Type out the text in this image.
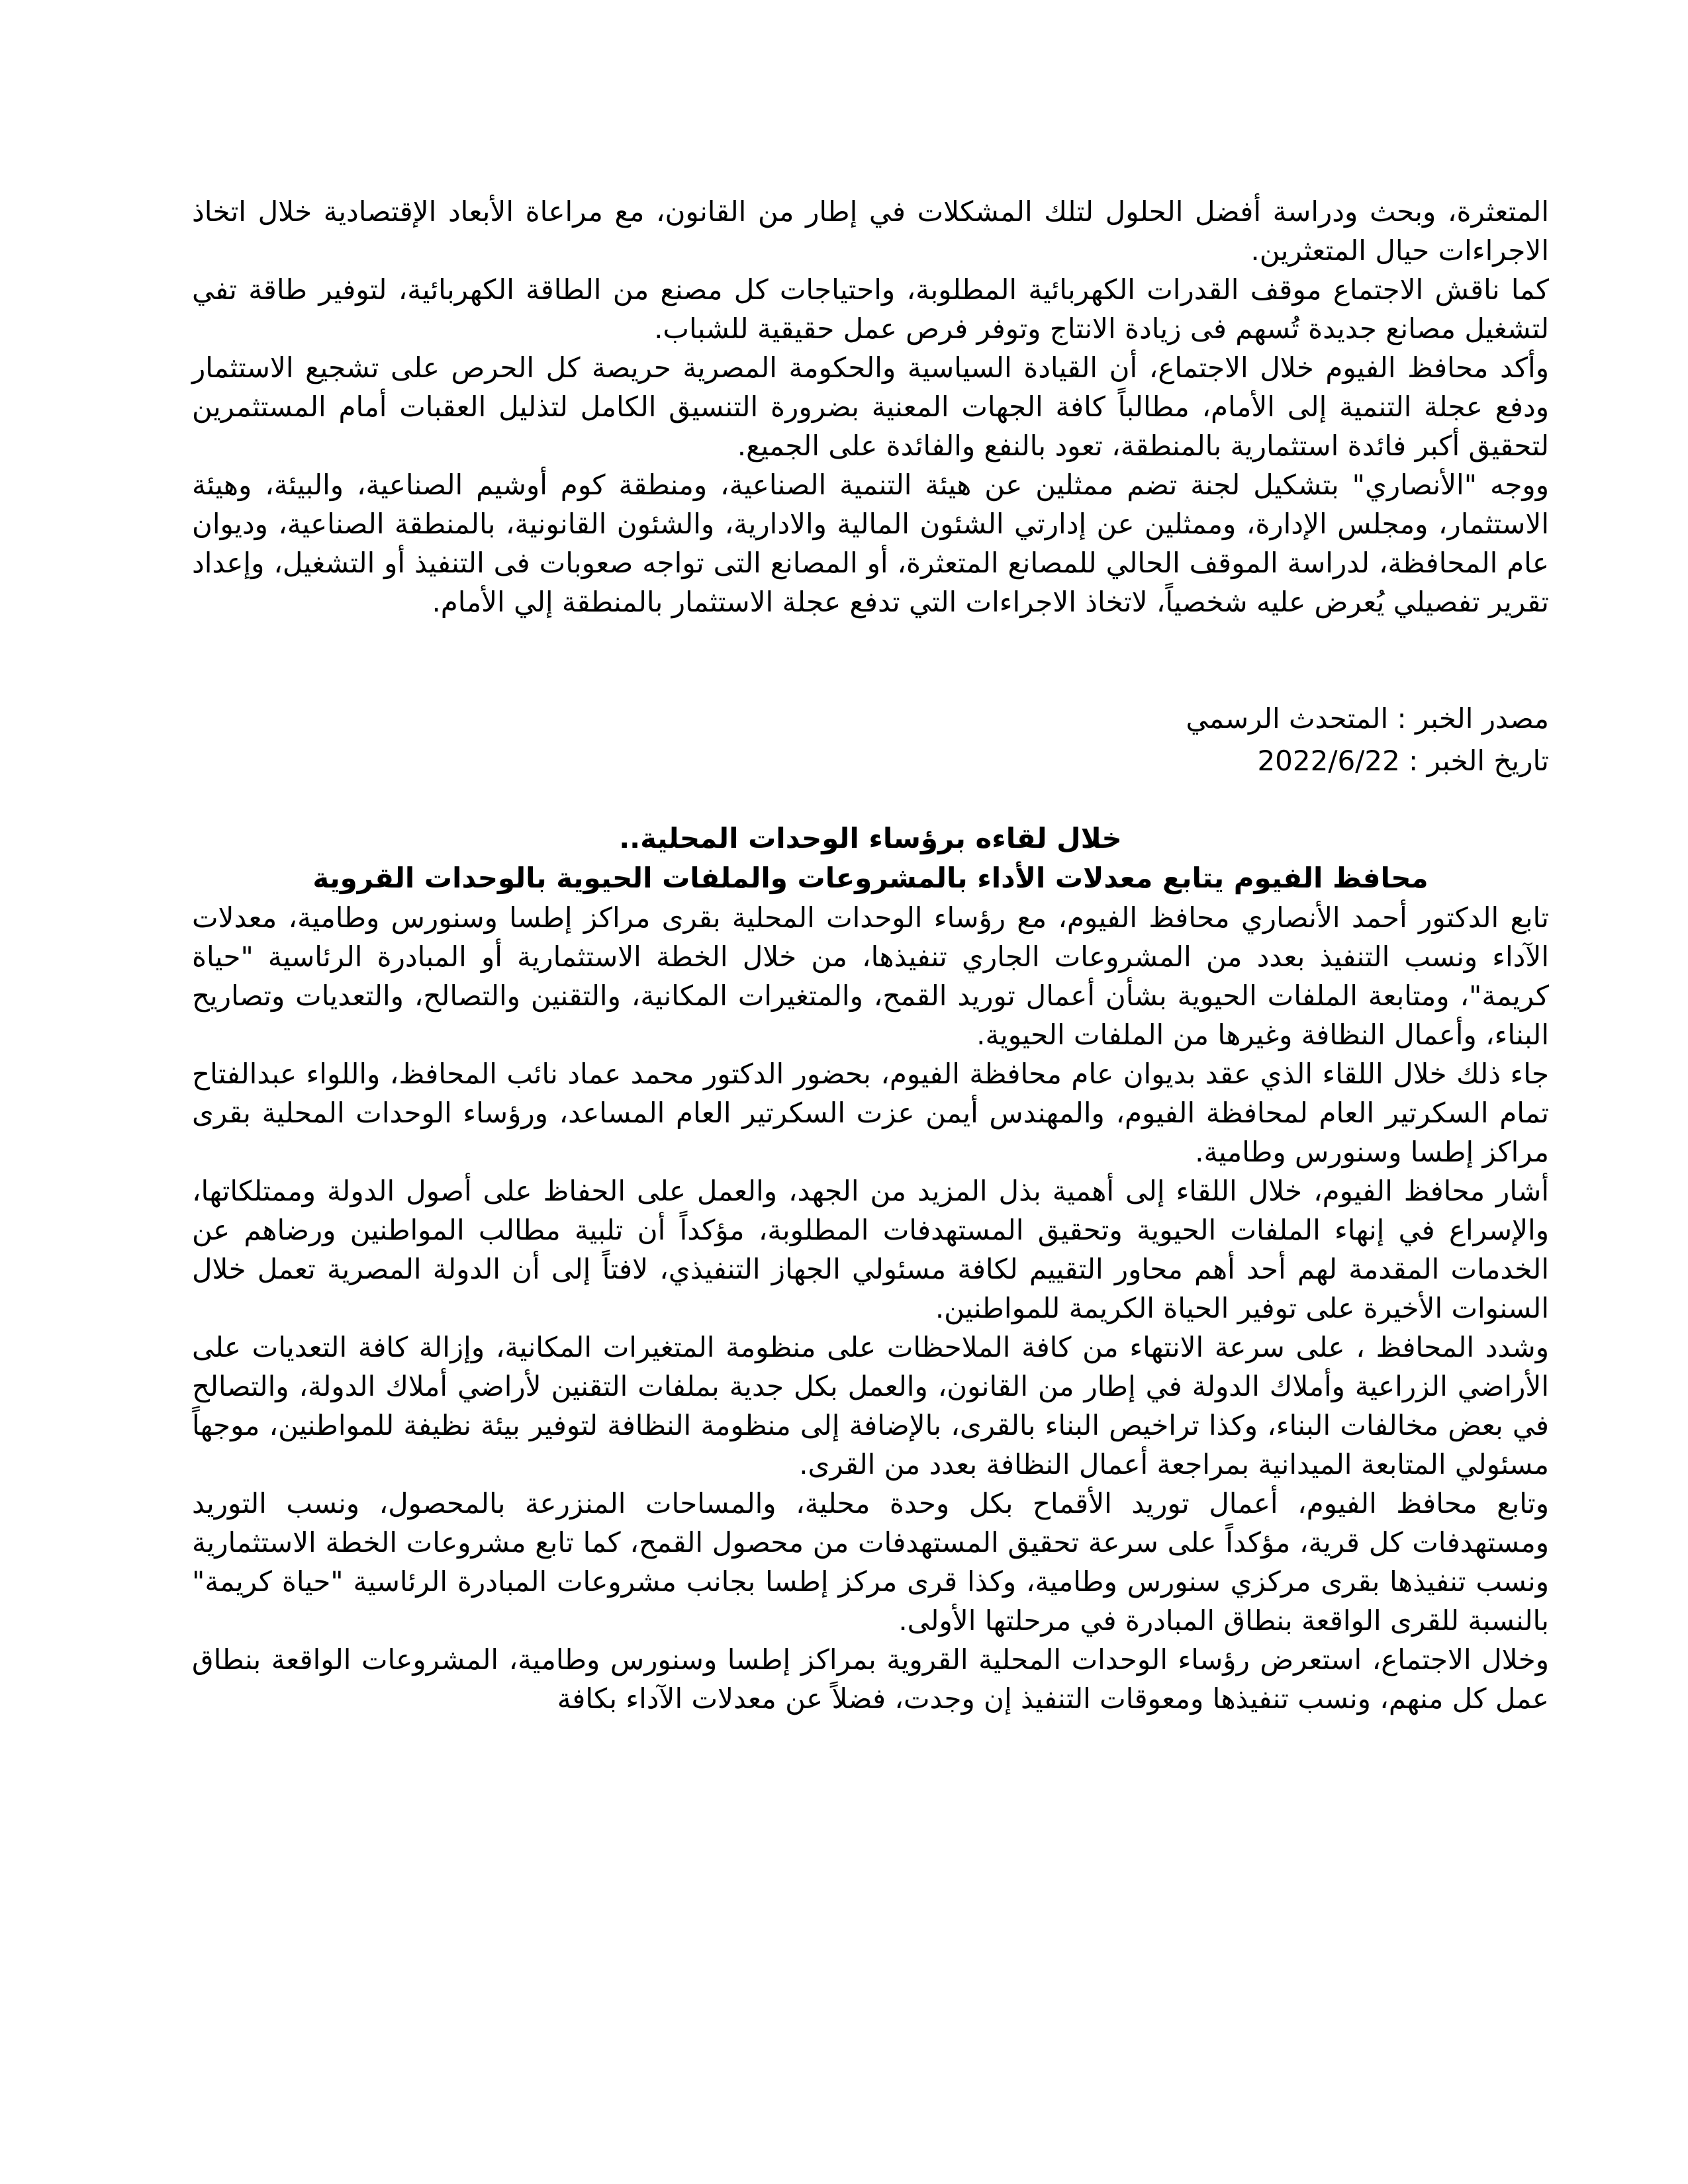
المتعثرة، وبحث ودراسة أفضل الحلول لتلك المشكلات في إطار من القانون، مع مراعاة الأبعاد الإقتصادية خلال اتخاذ الاجراءات حيال المتعثرين.

كما ناقش الاجتماع موقف القدرات الكهربائية المطلوبة، واحتياجات كل مصنع من الطاقة الكهربائية، لتوفير طاقة تفي لتشغيل مصانع جديدة تُسهم فى زيادة الانتاج وتوفر فرص عمل حقيقية للشباب.

وأكد محافظ الفيوم خلال الاجتماع، أن القيادة السياسية والحكومة المصرية حريصة كل الحرص على تشجيع الاستثمار ودفع عجلة التنمية إلى الأمام، مطالباً كافة الجهات المعنية بضرورة التنسيق الكامل لتذليل العقبات أمام المستثمرين لتحقيق أكبر فائدة استثمارية بالمنطقة، تعود بالنفع والفائدة على الجميع.

ووجه "الأنصاري" بتشكيل لجنة تضم ممثلين عن هيئة التنمية الصناعية، ومنطقة كوم أوشيم الصناعية، والبيئة، وهيئة الاستثمار، ومجلس الإدارة، وممثلين عن إدارتي الشئون المالية والادارية، والشئون القانونية، بالمنطقة الصناعية، وديوان عام المحافظة، لدراسة الموقف الحالي للمصانع المتعثرة، أو المصانع التى تواجه صعوبات فى التنفيذ أو التشغيل، وإعداد تقرير تفصيلي يُعرض عليه شخصياً، لاتخاذ الاجراءات التي تدفع عجلة الاستثمار بالمنطقة إلي الأمام.

مصدر الخبر : المتحدث الرسمي

تاريخ الخبر : 2022/6/22

خلال لقاءه برؤساء الوحدات المحلية..

محافظ الفيوم يتابع معدلات الأداء بالمشروعات والملفات الحيوية بالوحدات القروية

تابع الدكتور أحمد الأنصاري محافظ الفيوم، مع رؤساء الوحدات المحلية بقرى مراكز إطسا وسنورس وطامية، معدلات الآداء ونسب التنفيذ بعدد من المشروعات الجاري تنفيذها، من خلال الخطة الاستثمارية أو المبادرة الرئاسية "حياة كريمة"، ومتابعة الملفات الحيوية بشأن أعمال توريد القمح، والمتغيرات المكانية، والتقنين والتصالح، والتعديات وتصاريح البناء، وأعمال النظافة وغيرها من الملفات الحيوية.

جاء ذلك خلال اللقاء الذي عقد بديوان عام محافظة الفيوم، بحضور الدكتور محمد عماد نائب المحافظ، واللواء عبدالفتاح تمام السكرتير العام لمحافظة الفيوم، والمهندس أيمن عزت السكرتير العام المساعد، ورؤساء الوحدات المحلية بقرى مراكز إطسا وسنورس وطامية.

أشار محافظ الفيوم، خلال اللقاء إلى أهمية بذل المزيد من الجهد، والعمل على الحفاظ على أصول الدولة وممتلكاتها، والإسراع في إنهاء الملفات الحيوية وتحقيق المستهدفات المطلوبة، مؤكداً أن تلبية مطالب المواطنين ورضاهم عن الخدمات المقدمة لهم أحد أهم محاور التقييم لكافة مسئولي الجهاز التنفيذي، لافتاً إلى أن الدولة المصرية تعمل خلال السنوات الأخيرة على توفير الحياة الكريمة للمواطنين.

وشدد المحافظ ، على سرعة الانتهاء من كافة الملاحظات على منظومة المتغيرات المكانية، وإزالة كافة التعديات على الأراضي الزراعية وأملاك الدولة في إطار من القانون، والعمل بكل جدية بملفات التقنين لأراضي أملاك الدولة، والتصالح في بعض مخالفات البناء، وكذا تراخيص البناء بالقرى، بالإضافة إلى منظومة النظافة لتوفير بيئة نظيفة للمواطنين، موجهاً مسئولي المتابعة الميدانية بمراجعة أعمال النظافة بعدد من القرى.

وتابع محافظ الفيوم، أعمال توريد الأقماح بكل وحدة محلية، والمساحات المنزرعة بالمحصول، ونسب التوريد ومستهدفات كل قرية، مؤكداً على سرعة تحقيق المستهدفات من محصول القمح، كما تابع مشروعات الخطة الاستثمارية ونسب تنفيذها بقرى مركزي سنورس وطامية، وكذا قرى مركز إطسا بجانب مشروعات المبادرة الرئاسية "حياة كريمة" بالنسبة للقرى الواقعة بنطاق المبادرة في مرحلتها الأولى.

وخلال الاجتماع، استعرض رؤساء الوحدات المحلية القروية بمراكز إطسا وسنورس وطامية، المشروعات الواقعة بنطاق عمل كل منهم، ونسب تنفيذها ومعوقات التنفيذ إن وجدت، فضلاً عن معدلات الآداء بكافة
